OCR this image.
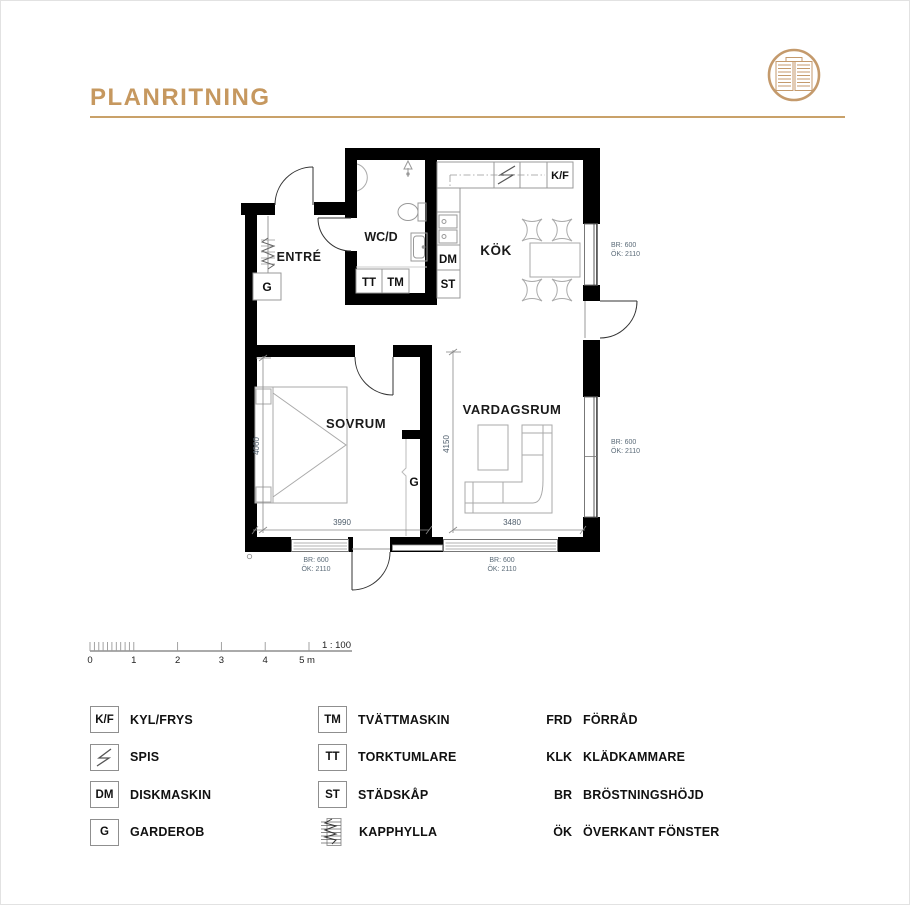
PLANRITNING
K/F
DM
ST
TT TM
G
G
ENTRÉ
WC/D
KÖK
SOVRUM
VARDAGSRUM
4060
3990
4150
3480
BR: 600
ÖK: 2110
BR: 600
ÖK: 2110
BR: 600
ÖK: 2110
BR: 600
ÖK: 2110
0	1	2	3	4	5 m
1 : 100
K/F	KYL/FRYS
SPIS
DM	DISKMASKIN
G	GARDEROB
TM	TVÄTTMASKIN
TT	TORKTUMLARE
ST	STÄDSKÅP
KAPPHYLLA
FRD FÖRRÅD
KLK KLÄDKAMMARE
BR BRÖSTNINGSHÖJD
ÖK ÖVERKANT FÖNSTER
